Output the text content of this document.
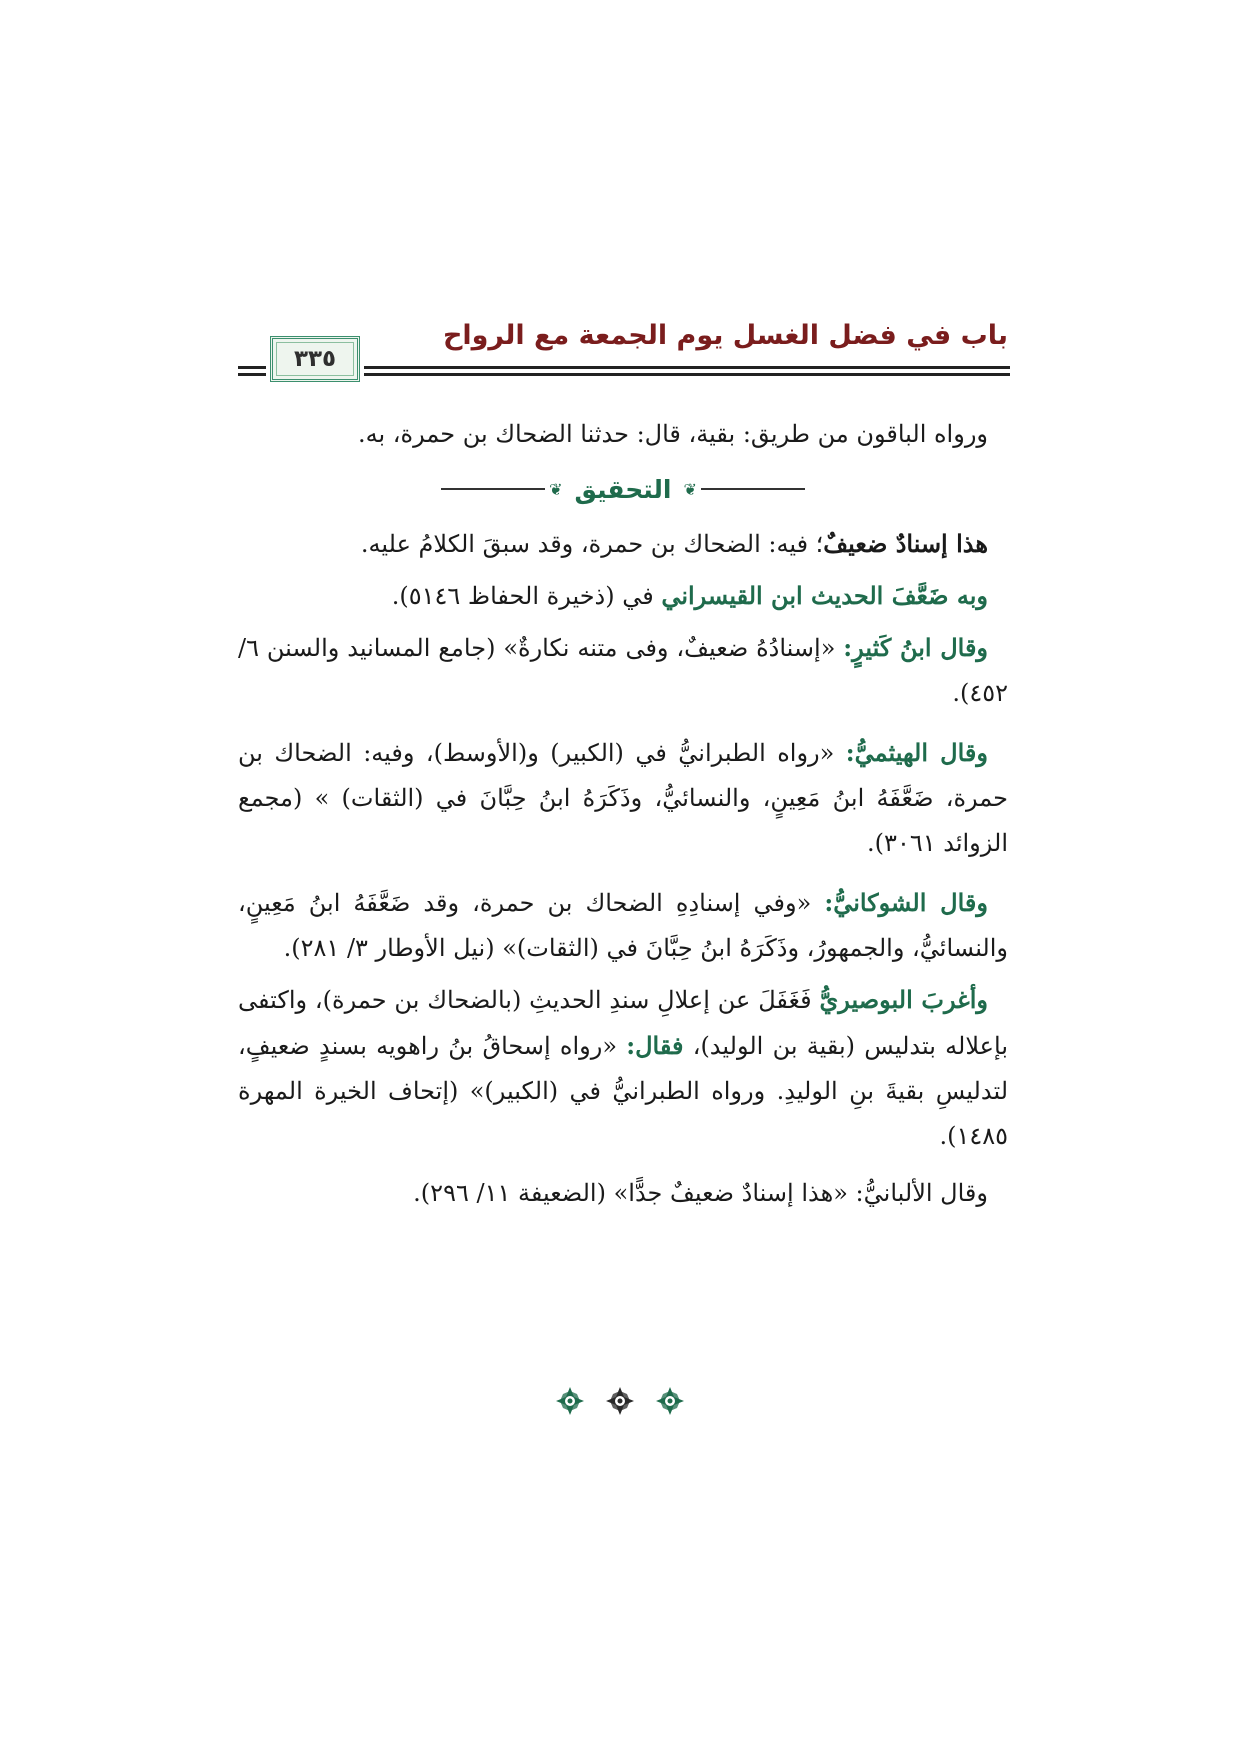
باب في فضل الغسل يوم الجمعة مع الرواح
٣٣٥

ورواه الباقون من طريق: بقية، قال: حدثنا الضحاك بن حمرة، به.

❦
التحقيق
❦

هذا إسنادٌ ضعيفٌ؛ فيه: الضحاك بن حمرة، وقد سبقَ الكلامُ عليه.

وبه ضَعَّفَ الحديث ابن القيسراني في (ذخيرة الحفاظ ٥١٤٦).

وقال ابنُ كَثيرٍ: «إسنادُهُ ضعيفٌ، وفى متنه نكارةٌ» (جامع المسانيد والسنن ٦/ ٤٥٢).

وقال الهيثميُّ: «رواه الطبرانيُّ في (الكبير) و(الأوسط)، وفيه: الضحاك بن حمرة، ضَعَّفَهُ ابنُ مَعِينٍ، والنسائيُّ، وذَكَرَهُ ابنُ حِبَّانَ في (الثقات) » (مجمع الزوائد ٣٠٦١).

وقال الشوكانيُّ: «وفي إسنادِهِ الضحاك بن حمرة، وقد ضَعَّفَهُ ابنُ مَعِينٍ، والنسائيُّ، والجمهورُ، وذَكَرَهُ ابنُ حِبَّانَ في (الثقات)» (نيل الأوطار ٣/ ٢٨١).

وأغربَ البوصيريُّ فَغَفَلَ عن إعلالِ سندِ الحديثِ (بالضحاك بن حمرة)، واكتفى بإعلاله بتدليس (بقية بن الوليد)، فقال: «رواه إسحاقُ بنُ راهويه بسندٍ ضعيفٍ، لتدليسِ بقيةَ بنِ الوليدِ. ورواه الطبرانيُّ في (الكبير)» (إتحاف الخيرة المهرة ١٤٨٥).

وقال الألبانيُّ: «هذا إسنادٌ ضعيفٌ جدًّا» (الضعيفة ١١/ ٢٩٦).
